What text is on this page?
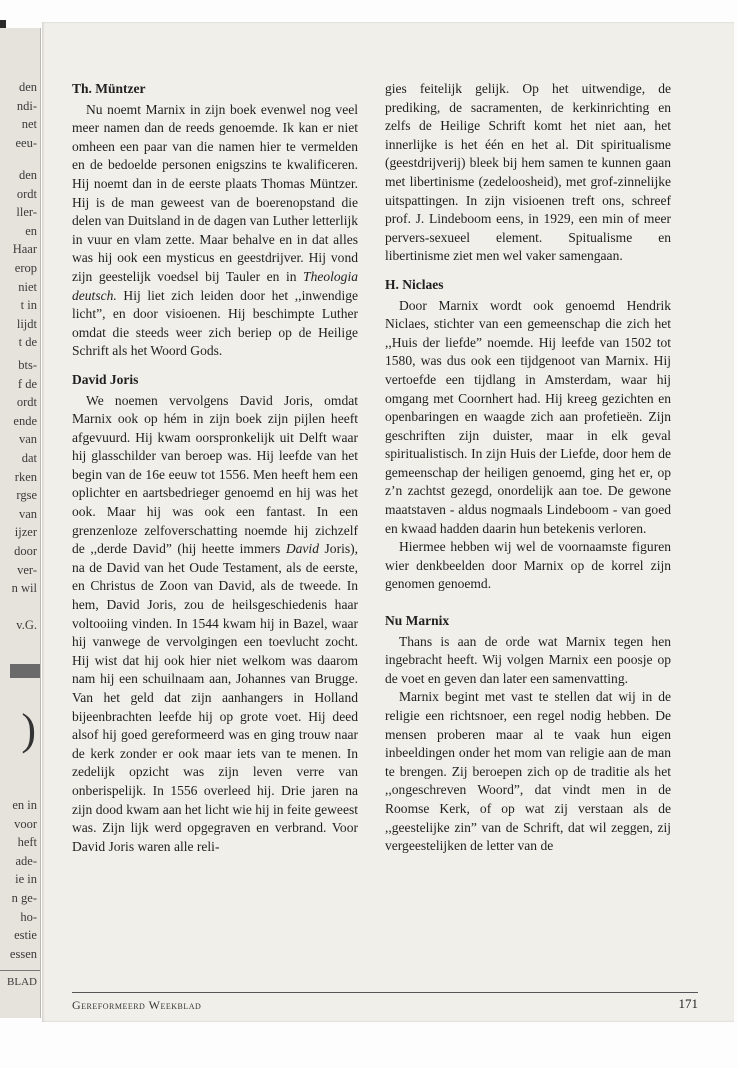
den
ndi-
net
eeu-
den
ordt
ller-
en
Haar
erop
niet
t in
lijdt
t de
bts-
f de
ordt
ende
van
dat
rken
rgse
van
ijzer
door
ver-
n wil
v.G.
)
en in
voor
heft
ade-
ie in
n ge-
ho-
estie
essen
BLAD
Th. Müntzer

Nu noemt Marnix in zijn boek evenwel nog veel meer namen dan de reeds genoemde. Ik kan er niet omheen een paar van die namen hier te vermelden en de bedoelde personen enigszins te kwalificeren. Hij noemt dan in de eerste plaats Thomas Müntzer. Hij is de man geweest van de boerenopstand die delen van Duitsland in de dagen van Luther letterlijk in vuur en vlam zette. Maar behalve en in dat alles was hij ook een mysticus en geestdrijver. Hij vond zijn geestelijk voedsel bij Tauler en in Theologia deutsch. Hij liet zich leiden door het ,,inwendige licht”, en door visioenen. Hij beschimpte Luther omdat die steeds weer zich beriep op de Heilige Schrift als het Woord Gods.

David Joris

We noemen vervolgens David Joris, omdat Marnix ook op hém in zijn boek zijn pijlen heeft afgevuurd. Hij kwam oorspronkelijk uit Delft waar hij glasschilder van beroep was. Hij leefde van het begin van de 16e eeuw tot 1556. Men heeft hem een oplichter en aartsbedrieger genoemd en hij was het ook. Maar hij was ook een fantast. In een grenzenloze zelfoverschatting noemde hij zichzelf de ,,derde David” (hij heette immers David Joris), na de David van het Oude Testament, als de eerste, en Christus de Zoon van David, als de tweede. In hem, David Joris, zou de heilsgeschiedenis haar voltooiing vinden. In 1544 kwam hij in Bazel, waar hij vanwege de vervolgingen een toevlucht zocht. Hij wist dat hij ook hier niet welkom was daarom nam hij een schuilnaam aan, Johannes van Brugge. Van het geld dat zijn aanhangers in Holland bijeenbrachten leefde hij op grote voet. Hij deed alsof hij goed gereformeerd was en ging trouw naar de kerk zonder er ook maar iets van te menen. In zedelijk opzicht was zijn leven verre van onberispelijk. In 1556 overleed hij. Drie jaren na zijn dood kwam aan het licht wie hij in feite geweest was. Zijn lijk werd opgegraven en verbrand. Voor David Joris waren alle reli-

gies feitelijk gelijk. Op het uitwendige, de prediking, de sacramenten, de kerkinrichting en zelfs de Heilige Schrift komt het niet aan, het innerlijke is het één en het al. Dit spiritualisme (geestdrijverij) bleek bij hem samen te kunnen gaan met libertinisme (zedeloosheid), met grof-zinnelijke uitspattingen. In zijn visioenen treft ons, schreef prof. J. Lindeboom eens, in 1929, een min of meer pervers-sexueel element. Spitualisme en libertinisme ziet men wel vaker samengaan.

H. Niclaes

Door Marnix wordt ook genoemd Hendrik Niclaes, stichter van een gemeenschap die zich het ,,Huis der liefde” noemde. Hij leefde van 1502 tot 1580, was dus ook een tijdgenoot van Marnix. Hij vertoefde een tijdlang in Amsterdam, waar hij omgang met Coornhert had. Hij kreeg gezichten en openbaringen en waagde zich aan profetieën. Zijn geschriften zijn duister, maar in elk geval spiritualistisch. In zijn Huis der Liefde, door hem de gemeenschap der heiligen genoemd, ging het er, op z’n zachtst gezegd, onordelijk aan toe. De gewone maatstaven - aldus nogmaals Lindeboom - van goed en kwaad hadden daarin hun betekenis verloren.

Hiermee hebben wij wel de voornaamste figuren wier denkbeelden door Marnix op de korrel zijn genomen genoemd.

Nu Marnix

Thans is aan de orde wat Marnix tegen hen ingebracht heeft. Wij volgen Marnix een poosje op de voet en geven dan later een samenvatting.

Marnix begint met vast te stellen dat wij in de religie een richtsnoer, een regel nodig hebben. De mensen proberen maar al te vaak hun eigen inbeeldingen onder het mom van religie aan de man te brengen. Zij beroepen zich op de traditie als het ,,ongeschreven Woord”, dat vindt men in de Roomse Kerk, of op wat zij verstaan als de ,,geestelijke zin” van de Schrift, dat wil zeggen, zij vergeestelijken de letter van de

Gereformeerd Weekblad	171
